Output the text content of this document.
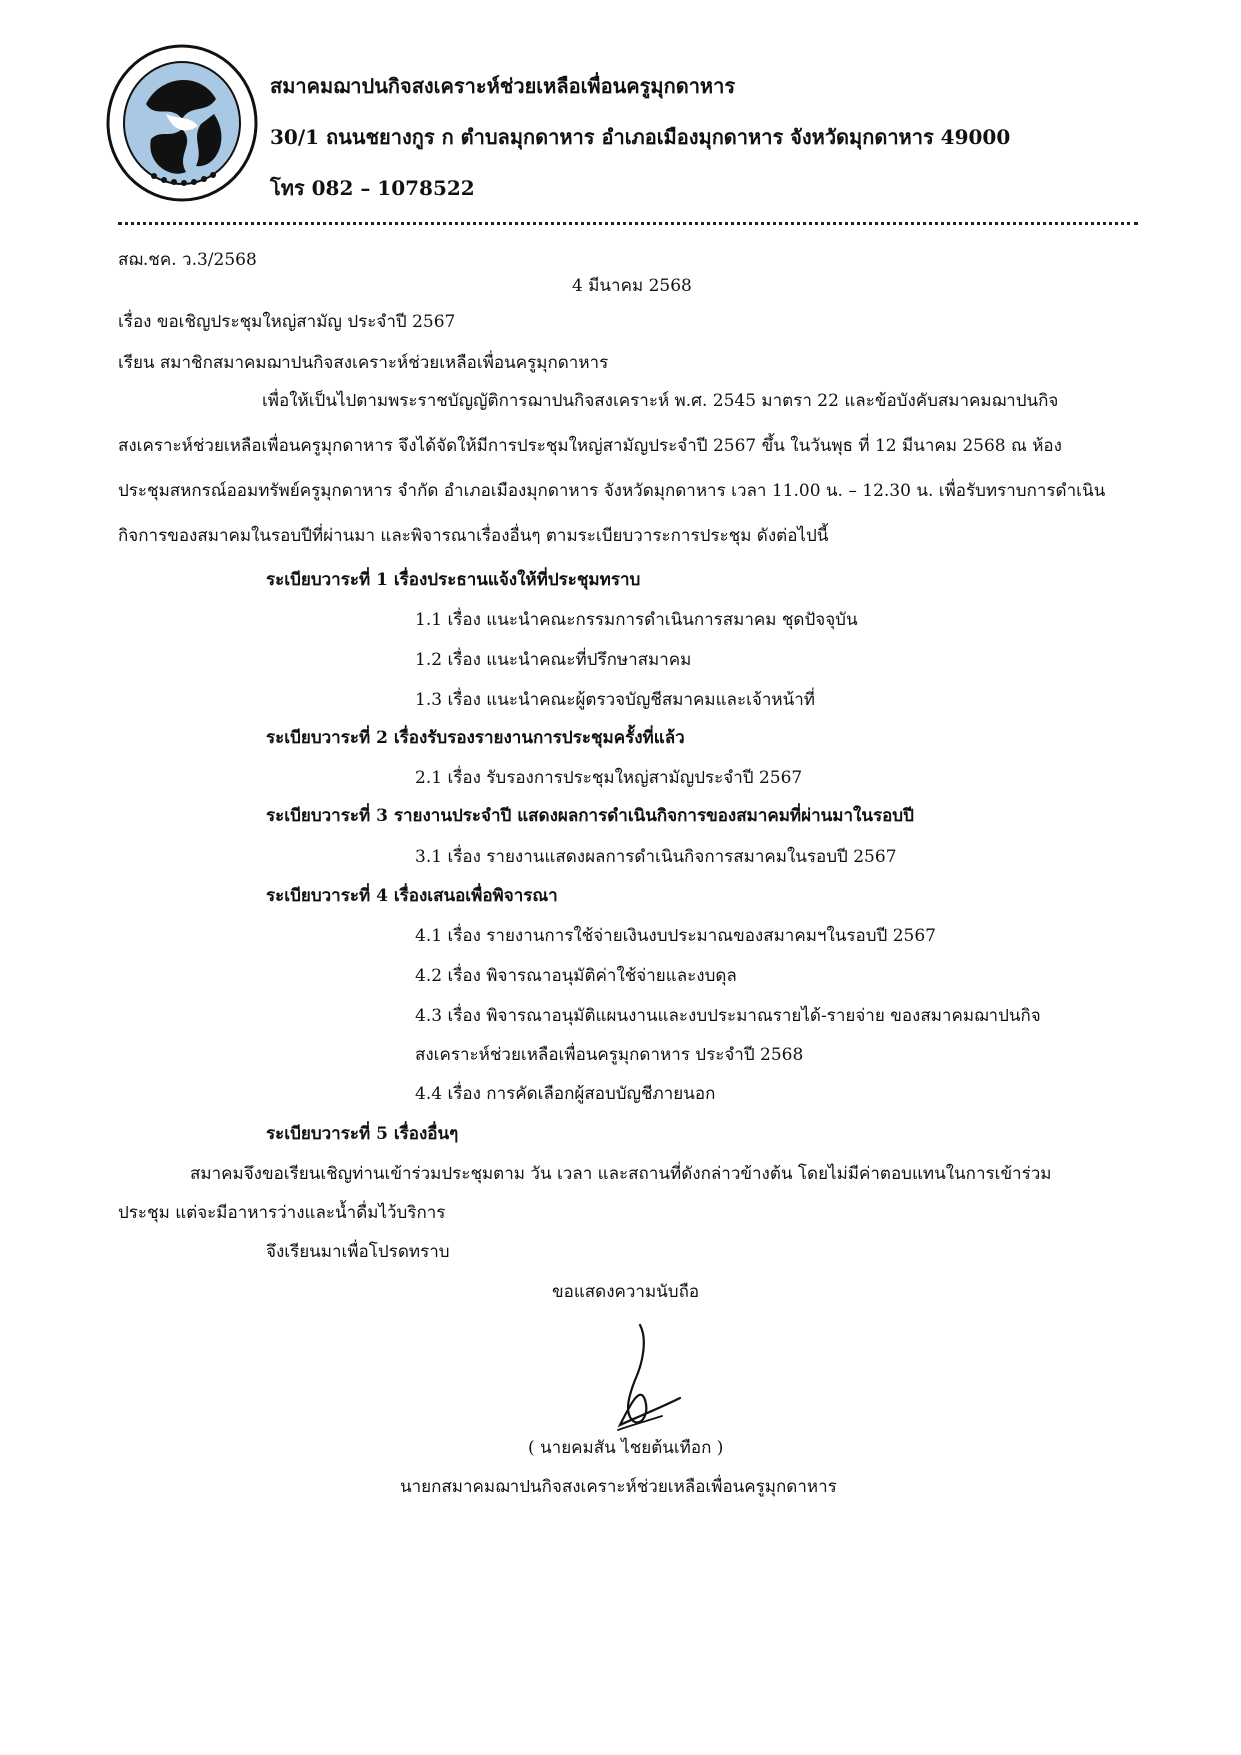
สมาคมฌาปนกิจสงเคราะห์ช่วยเหลือเพื่อนครูมุกดาหาร
30/1 ถนนชยางกูร ก ตำบลมุกดาหาร อำเภอเมืองมุกดาหาร จังหวัดมุกดาหาร 49000
โทร 082 – 1078522
สฌ.ชค. ว.3/2568
4 มีนาคม 2568
เรื่อง ขอเชิญประชุมใหญ่สามัญ ประจำปี 2567
เรียน สมาชิกสมาคมฌาปนกิจสงเคราะห์ช่วยเหลือเพื่อนครูมุกดาหาร
เพื่อให้เป็นไปตามพระราชบัญญัติการฌาปนกิจสงเคราะห์ พ.ศ. 2545 มาตรา 22 และข้อบังคับสมาคมฌาปนกิจ
สงเคราะห์ช่วยเหลือเพื่อนครูมุกดาหาร จึงได้จัดให้มีการประชุมใหญ่สามัญประจำปี 2567 ขึ้น ในวันพุธ ที่ 12 มีนาคม 2568 ณ ห้อง
ประชุมสหกรณ์ออมทรัพย์ครูมุกดาหาร จำกัด อำเภอเมืองมุกดาหาร จังหวัดมุกดาหาร เวลา 11.00 น. – 12.30 น. เพื่อรับทราบการดำเนิน
กิจการของสมาคมในรอบปีที่ผ่านมา และพิจารณาเรื่องอื่นๆ ตามระเบียบวาระการประชุม ดังต่อไปนี้
ระเบียบวาระที่ 1 เรื่องประธานแจ้งให้ที่ประชุมทราบ
1.1 เรื่อง แนะนำคณะกรรมการดำเนินการสมาคม ชุดปัจจุบัน
1.2 เรื่อง แนะนำคณะที่ปรึกษาสมาคม
1.3 เรื่อง แนะนำคณะผู้ตรวจบัญชีสมาคมและเจ้าหน้าที่
ระเบียบวาระที่ 2 เรื่องรับรองรายงานการประชุมครั้งที่แล้ว
2.1 เรื่อง รับรองการประชุมใหญ่สามัญประจำปี 2567
ระเบียบวาระที่ 3 รายงานประจำปี แสดงผลการดำเนินกิจการของสมาคมที่ผ่านมาในรอบปี
3.1 เรื่อง รายงานแสดงผลการดำเนินกิจการสมาคมในรอบปี 2567
ระเบียบวาระที่ 4 เรื่องเสนอเพื่อพิจารณา
4.1 เรื่อง รายงานการใช้จ่ายเงินงบประมาณของสมาคมฯในรอบปี 2567
4.2 เรื่อง พิจารณาอนุมัติค่าใช้จ่ายและงบดุล
4.3 เรื่อง พิจารณาอนุมัติแผนงานและงบประมาณรายได้-รายจ่าย ของสมาคมฌาปนกิจ
สงเคราะห์ช่วยเหลือเพื่อนครูมุกดาหาร ประจำปี 2568
4.4 เรื่อง การคัดเลือกผู้สอบบัญชีภายนอก
ระเบียบวาระที่ 5 เรื่องอื่นๆ
สมาคมจึงขอเรียนเชิญท่านเข้าร่วมประชุมตาม วัน เวลา และสถานที่ดังกล่าวข้างต้น โดยไม่มีค่าตอบแทนในการเข้าร่วม
ประชุม แต่จะมีอาหารว่างและน้ำดื่มไว้บริการ
จึงเรียนมาเพื่อโปรดทราบ
ขอแสดงความนับถือ
( นายคมสัน ไชยต้นเทือก )
นายกสมาคมฌาปนกิจสงเคราะห์ช่วยเหลือเพื่อนครูมุกดาหาร
